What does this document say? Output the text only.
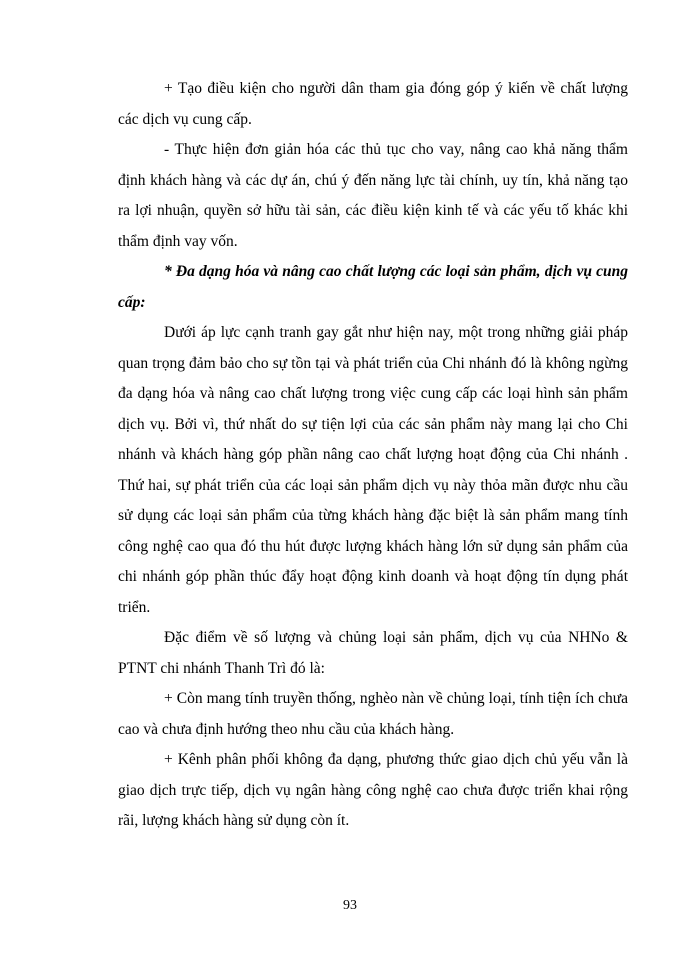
+ Tạo điều kiện cho người dân tham gia đóng góp ý kiến về chất lượng các dịch vụ cung cấp.

- Thực hiện đơn giản hóa các thủ tục cho vay, nâng cao khả năng thẩm định khách hàng và các dự án, chú ý đến năng lực tài chính, uy tín, khả năng tạo ra lợi nhuận, quyền sở hữu tài sản, các điều kiện kinh tế và các yếu tố khác khi thẩm định vay vốn.

* Đa dạng hóa và nâng cao chất lượng các loại sản phẩm, dịch vụ cung cấp:

Dưới áp lực cạnh tranh gay gắt như hiện nay, một trong những giải pháp quan trọng đảm bảo cho sự tồn tại và phát triển của Chi nhánh đó là không ngừng đa dạng hóa và nâng cao chất lượng trong việc cung cấp các loại hình sản phẩm dịch vụ. Bởi vì, thứ nhất do sự tiện lợi của các sản phẩm này mang lại cho Chi nhánh và khách hàng góp phần nâng cao chất lượng hoạt động của Chi nhánh . Thứ hai, sự phát triển của các loại sản phẩm dịch vụ này thỏa mãn được nhu cầu sử dụng các loại sản phẩm của từng khách hàng đặc biệt là sản phẩm mang tính công nghệ cao qua đó thu hút được lượng khách hàng lớn sử dụng sản phẩm của chi nhánh góp phần thúc đẩy hoạt động kinh doanh và hoạt động tín dụng phát triển.

Đặc điểm về số lượng và chủng loại sản phẩm, dịch vụ của NHNo & PTNT chi nhánh Thanh Trì đó là:

+ Còn mang tính truyền thống, nghèo nàn về chủng loại, tính tiện ích chưa cao và chưa định hướng theo nhu cầu của khách hàng.

+ Kênh phân phối không đa dạng, phương thức giao dịch chủ yếu vẫn là giao dịch trực tiếp, dịch vụ ngân hàng công nghệ cao chưa được triển khai rộng rãi, lượng khách hàng sử dụng còn ít.

93
